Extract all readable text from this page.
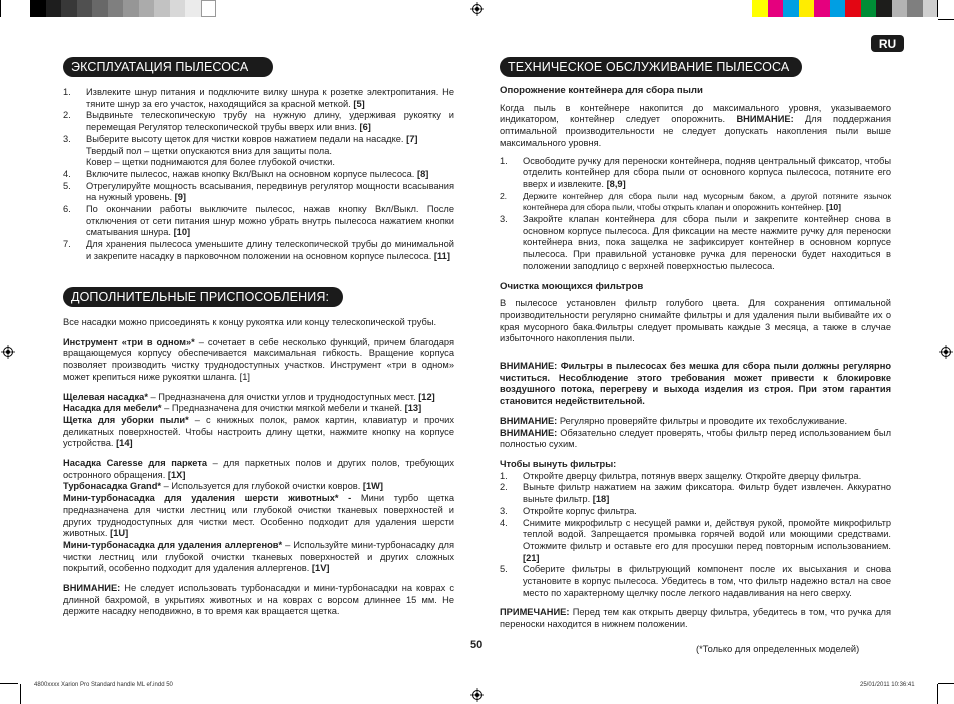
RU
ЭКСПЛУАТАЦИЯ ПЫЛЕСОСА
1. Извлеките шнур питания и подключите вилку шнура к розетке электропитания. Не тяните шнур за его участок, находящийся за красной меткой. [5]
2. Выдвиньте телескопическую трубу на нужную длину, удерживая рукоятку и перемещая Регулятор телескопической трубы вверх или вниз. [6]
3. Выберите высоту щеток для чистки ковров нажатием педали на насадке. [7]
Твердый пол – щетки опускаются вниз для защиты пола.
Ковер – щетки поднимаются для более глубокой очистки.
4. Включите пылесос, нажав кнопку Вкл/Выкл на основном корпусе пылесоса. [8]
5. Отрегулируйте мощность всасывания, передвинув регулятор мощности всасывания на нужный уровень. [9]
6. По окончании работы выключите пылесос, нажав кнопку Вкл/Выкл. После отключения от сети питания шнур можно убрать внутрь пылесоса нажатием кнопки сматывания шнура. [10]
7. Для хранения пылесоса уменьшите длину телескопической трубы до минимальной и закрепите насадку в парковочном положении на основном корпусе пылесоса. [11]
ДОПОЛНИТЕЛЬНЫЕ ПРИСПОСОБЛЕНИЯ:

Все насадки можно присоединять к концу рукоятка или концу телескопической трубы.

Инструмент «три в одном»* – сочетает в себе несколько функций, причем благодаря вращающемуся корпусу обеспечивается максимальная гибкость. Вращение корпуса позволяет производить чистку труднодоступных участков. Инструмент «три в одном» может крепиться ниже рукоятки шланга. [1]

Щелевая насадка* – Предназначена для очистки углов и труднодоступных мест. [12]

Насадка для мебели* – Предназначена для очистки мягкой мебели и тканей. [13]

Щетка для уборки пыли* – с книжных полок, рамок картин, клавиатур и прочих деликатных поверхностей. Чтобы настроить длину щетки, нажмите кнопку на корпусе устройства. [14]

Насадка Caresse для паркета – для паркетных полов и других полов, требующих остронного обращения. [1X]

Турбонасадка Grand* – Используется для глубокой очистки ковров. [1W]

Мини-турбонасадка для удаления шерсти животных* - Мини турбо щетка предназначена для чистки лестниц или глубокой очистки тканевых поверхностей и других труднодоступных для чистки мест. Особенно подходит для удаления шерсти животных. [1U]

Мини-турбонасадка для удаления аллергенов* – Используйте мини-турбонасадку для чистки лестниц или глубокой очистки тканевых поверхностей и других сложных покрытий, особенно подходит для удаления аллергенов. [1V]

ВНИМАНИЕ: Не следует использовать турбонасадки и мини-турбонасадки на коврах с длинной бахромой, в укрытиях животных и на коврах с ворсом длиннее 15 мм. Не держите насадку неподвижно, в то время как вращается щетка.

ТЕХНИЧЕСКОЕ ОБСЛУЖИВАНИЕ ПЫЛЕСОСА

Опорожнение контейнера для сбора пыли

Когда пыль в контейнере накопится до максимального уровня, указываемого индикатором, контейнер следует опорожнить. ВНИМАНИЕ: Для поддержания оптимальной производительности не следует допускать накопления пыли выше максимального уровня.

1. Освободите ручку для переноски контейнера, подняв центральный фиксатор, чтобы отделить контейнер для сбора пыли от основного корпуса пылесоса, потяните его вверх и извлеките. [8,9]
2. Держите контейнер для сбора пыли над мусорным баком, а другой потяните язычок контейнера для сбора пыли, чтобы открыть клапан и опорожнить контейнер. [10]
3. Закройте клапан контейнера для сбора пыли и закрепите контейнер снова в основном корпусе пылесоса. Для фиксации на месте нажмите ручку для переноски контейнера вниз, пока защелка не зафиксирует контейнер в основном корпусе пылесоса. При правильной установке ручка для переноски будет находиться в положении заподлицо с верхней поверхностью пылесоса.

Очистка моющихся фильтров

В пылесосе установлен фильтр голубого цвета. Для сохранения оптимальной производительности регулярно снимайте фильтры и для удаления пыли выбивайте их о края мусорного бака.Фильтры следует промывать каждые 3 месяца, а также в случае избыточного накопления пыли.

ВНИМАНИЕ: Фильтры в пылесосах без мешка для сбора пыли должны регулярно чиститься. Несоблюдение этого требования может привести к блокировке воздушного потока, перегреву и выхода изделия из строя. При этом гарантия становится недействительной.

ВНИМАНИЕ: Регулярно проверяйте фильтры и проводите их техобслуживание.

ВНИМАНИЕ: Обязательно следует проверять, чтобы фильтр перед использованием был полностью сухим.

Чтобы вынуть фильтры:

1. Откройте дверцу фильтра, потянув вверх защелку. Откройте дверцу фильтра.
2. Выньте фильтр нажатием на зажим фиксатора. Фильтр будет извлечен. Аккуратно выньте фильтр. [18]
3. Откройте корпус фильтра.
4. Снимите микрофильтр с несущей рамки и, действуя рукой, промойте микрофильтр теплой водой. Запрещается промывка горячей водой или моющими средствами. Отожмите фильтр и оставьте его для просушки перед повторным использованием. [21]
5. Соберите фильтры в фильтрующий компонент после их высыхания и снова установите в корпус пылесоса. Убедитесь в том, что фильтр надежно встал на свое место по характерному щелчку после легкого надавливания на него сверху.

ПРИМЕЧАНИЕ: Перед тем как открыть дверцу фильтра, убедитесь в том, что ручка для переноски находится в нижнем положении.

50	(*Только для определенных моделей)
4800xxxx Xarion Pro Standard handle ML ef.indd 50	25/01/2011 10:36:41
